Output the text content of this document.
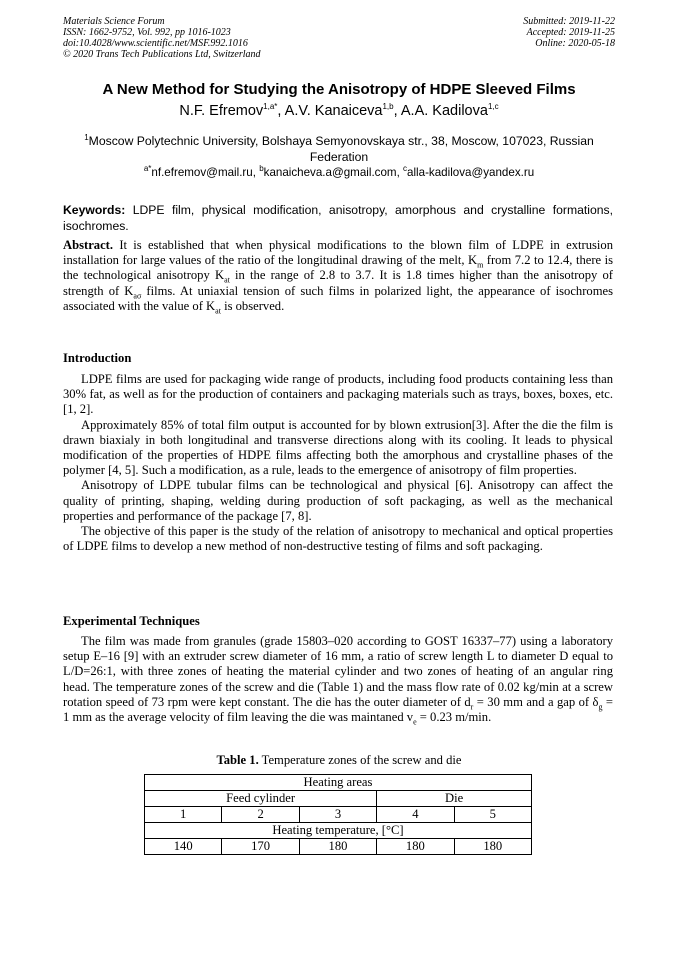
Materials Science Forum
ISSN: 1662-9752, Vol. 992, pp 1016-1023
doi:10.4028/www.scientific.net/MSF.992.1016
© 2020 Trans Tech Publications Ltd, Switzerland
Submitted: 2019-11-22
Accepted: 2019-11-25
Online: 2020-05-18
A New Method for Studying the Anisotropy of HDPE Sleeved Films
N.F. Efremov$^{1,a*}$, A.V. Kanaiceva$^{1,b}$, A.A. Kadilova$^{1,c}$
$^1$Moscow Polytechnic University, Bolshaya Semyonovskaya str., 38, Moscow, 107023, Russian Federation
$^{a*}$nf.efremov@mail.ru, $^b$kanaicheva.a@gmail.com, $^c$alla-kadilova@yandex.ru
Keywords: LDPE film, physical modification, anisotropy, amorphous and crystalline formations, isochromes.

Abstract. It is established that when physical modifications to the blown film of LDPE in extrusion installation for large values of the ratio of the longitudinal drawing of the melt, $K_m$ from 7.2 to 12.4, there is the technological anisotropy $K_{at}$ in the range of 2.8 to 3.7. It is 1.8 times higher than the anisotropy of strength of $K_{a\sigma}$ films. At uniaxial tension of such films in polarized light, the appearance of isochromes associated with the value of $K_{at}$ is observed.

Introduction

LDPE films are used for packaging wide range of products, including food products containing less than 30% fat, as well as for the production of containers and packaging materials such as trays, boxes, boxes, etc. [1, 2].

Approximately 85% of total film output is accounted for by blown extrusion[3]. After the die the film is drawn biaxialy in both longitudinal and transverse directions along with its cooling. It leads to physical modification of the properties of HDPE films affecting both the amorphous and crystalline phases of the polymer [4, 5]. Such a modification, as a rule, leads to the emergence of anisotropy of film properties.

Anisotropy of LDPE tubular films can be technological and physical [6]. Anisotropy can affect the quality of printing, shaping, welding during production of soft packaging, as well as the mechanical properties and performance of the package [7, 8].

The objective of this paper is the study of the relation of anisotropy to mechanical and optical properties of LDPE films to develop a new method of non-destructive testing of films and soft packaging.

Experimental Techniques

The film was made from granules (grade 15803–020 according to GOST 16337–77) using a laboratory setup E–16 [9] with an extruder screw diameter of 16 mm, a ratio of screw length L to diameter D equal to L/D=26:1, with three zones of heating the material cylinder and two zones of heating of an angular ring head. The temperature zones of the screw and die (Table 1) and the mass flow rate of 0.02 kg/min at a screw rotation speed of 73 rpm were kept constant. The die has the outer diameter of $d_r = 30$ mm and a gap of $\delta_g = 1$ mm as the average velocity of film leaving the die was maintaned $v_e = 0.23$ m/min.

Table 1. Temperature zones of the screw and die
Heating areas				
Feed cylinder			Die	
1	2	3	4	5
Heating temperature, [°C]				
140	170	180	180	180
